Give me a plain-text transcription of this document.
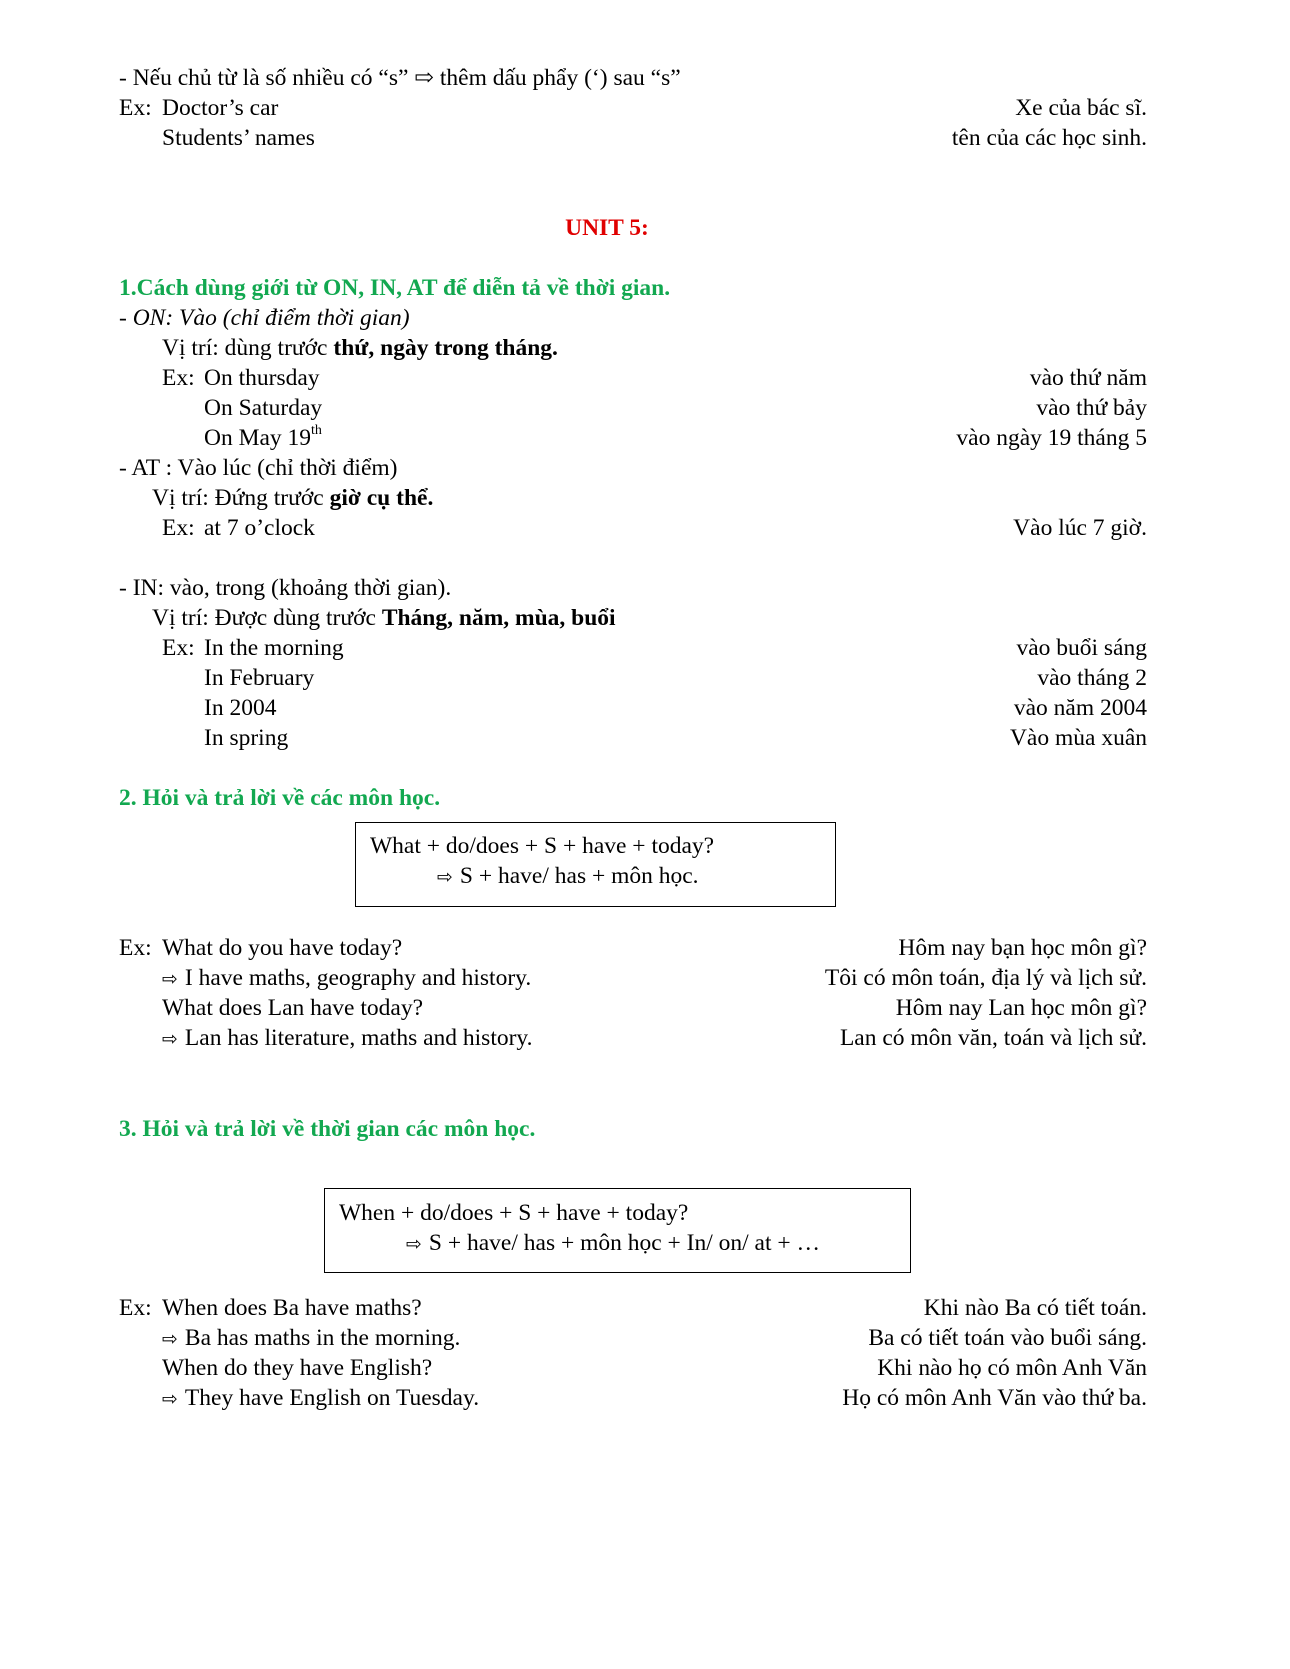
- Nếu chủ từ là số nhiều có “s” ⇨ thêm dấu phẩy (‘) sau “s”
Ex: Doctor’s car	Xe của bác sĩ.
Students’ names	tên của các học sinh.
UNIT 5:
1.Cách dùng giới từ ON, IN, AT để diễn tả về thời gian.
- ON: Vào (chỉ điểm thời gian)
Vị trí: dùng trước thứ, ngày trong tháng.
Ex: On thursday	vào thứ năm
On Saturday	vào thứ bảy
On May 19th	vào ngày 19 tháng 5
- AT : Vào lúc (chỉ thời điểm)
Vị trí: Đứng trước giờ cụ thể.
Ex: at 7 o’clock	Vào lúc 7 giờ.
- IN: vào, trong (khoảng thời gian).
Vị trí: Được dùng trước Tháng, năm, mùa, buổi
Ex: In the morning	vào buổi sáng
In February	vào tháng 2
In 2004	vào năm 2004
In spring	Vào mùa xuân
2. Hỏi và trả lời về các môn học.
What + do/does + S + have + today?
⇨ S + have/ has + môn học.
Ex: What do you have today?	Hôm nay bạn học môn gì?
⇨ I have maths, geography and history.	Tôi có môn toán, địa lý và lịch sử.
What does Lan have today?	Hôm nay Lan học môn gì?
⇨ Lan has literature, maths and history.	Lan có môn văn, toán và lịch sử.
3. Hỏi và trả lời về thời gian các môn học.
When + do/does + S + have + today?
⇨ S + have/ has + môn học + In/ on/ at + …
Ex: When does Ba have maths?	Khi nào Ba có tiết toán.
⇨ Ba has maths in the morning.	Ba có tiết toán vào buổi sáng.
When do they have English?	Khi nào họ có môn Anh Văn
⇨ They have English on Tuesday.	Họ có môn Anh Văn vào thứ ba.
